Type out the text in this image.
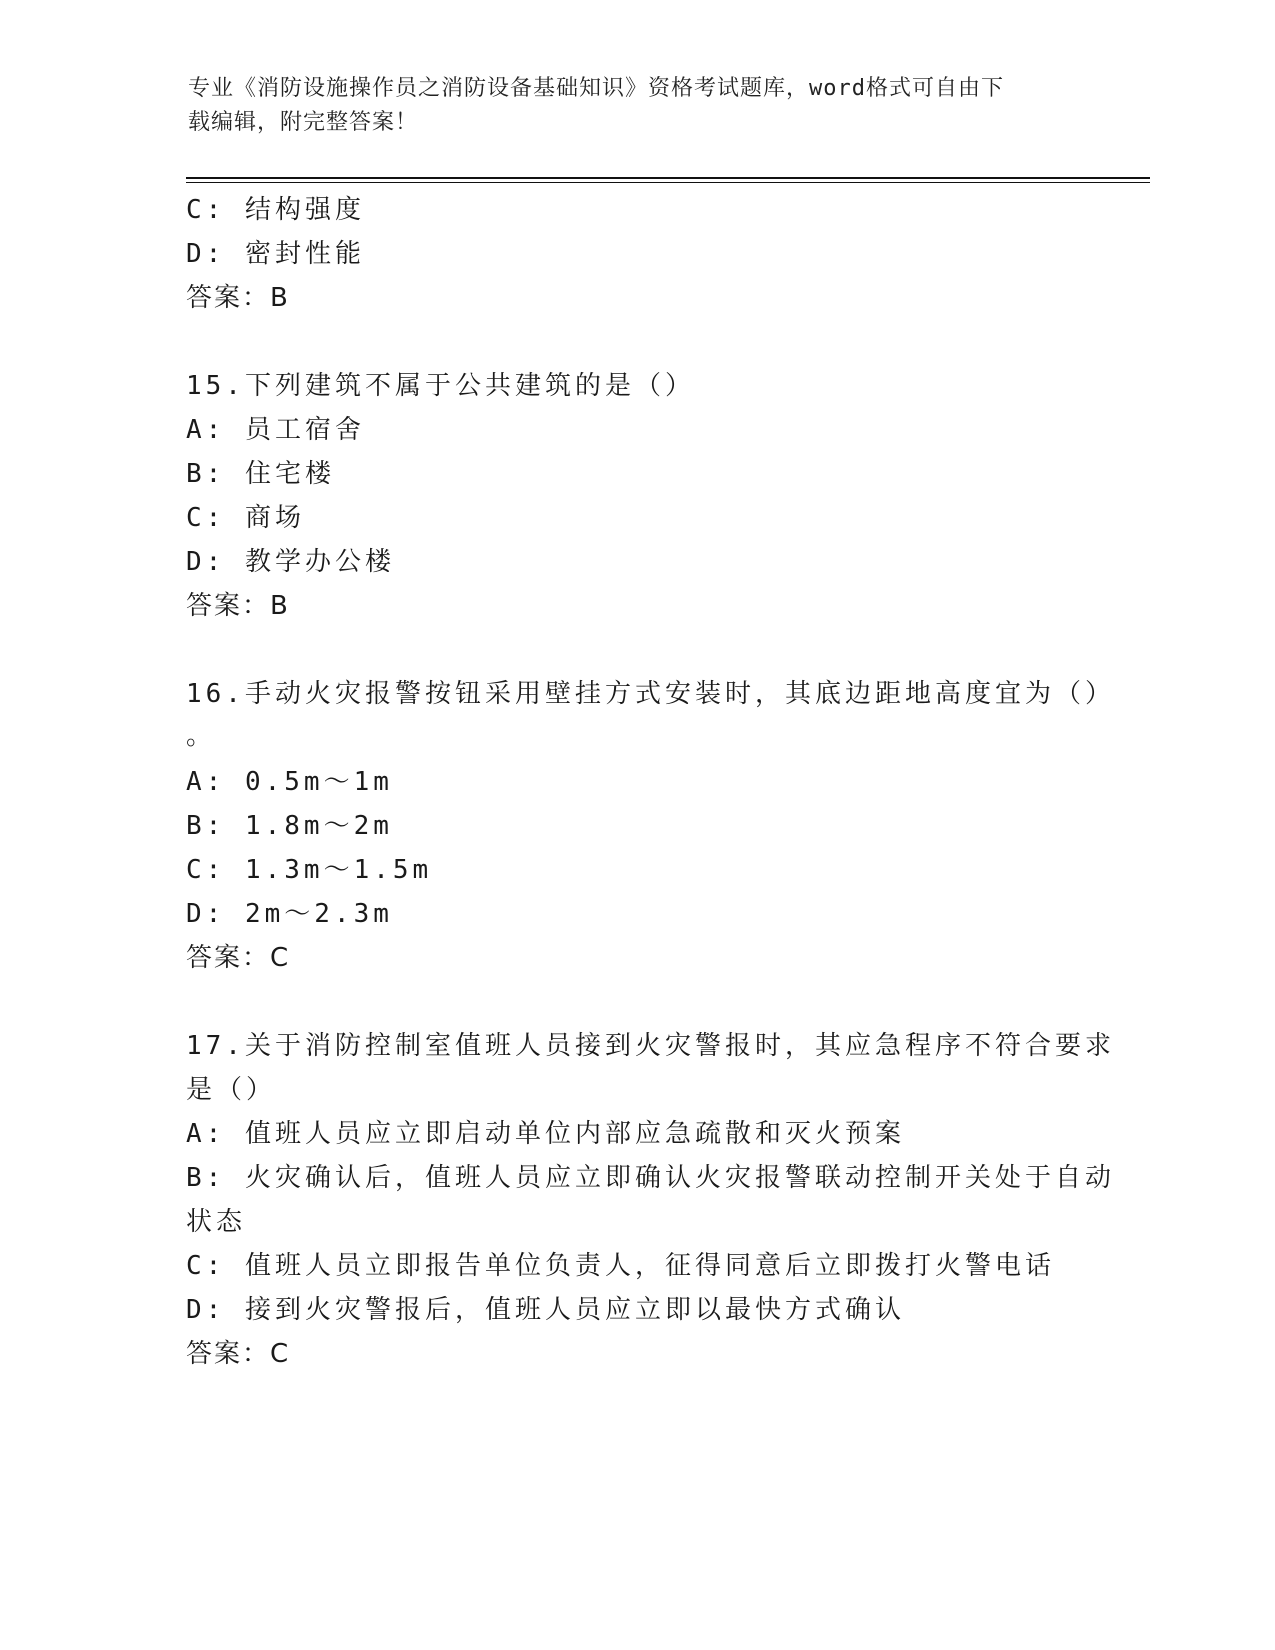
专业《消防设施操作员之消防设备基础知识》资格考试题库，word格式可自由下
载编辑，附完整答案！
C: 结构强度
D: 密封性能
答案：B
15.下列建筑不属于公共建筑的是（）
A: 员工宿舍
B: 住宅楼
C: 商场
D: 教学办公楼
答案：B
16.手动火灾报警按钮采用壁挂方式安装时，其底边距地高度宜为（）
。
A: 0.5m～1m
B: 1.8m～2m
C: 1.3m～1.5m
D: 2m～2.3m
答案：C
17.关于消防控制室值班人员接到火灾警报时，其应急程序不符合要求
是（）
A: 值班人员应立即启动单位内部应急疏散和灭火预案
B: 火灾确认后，值班人员应立即确认火灾报警联动控制开关处于自动
状态
C: 值班人员立即报告单位负责人，征得同意后立即拨打火警电话
D: 接到火灾警报后，值班人员应立即以最快方式确认
答案：C
